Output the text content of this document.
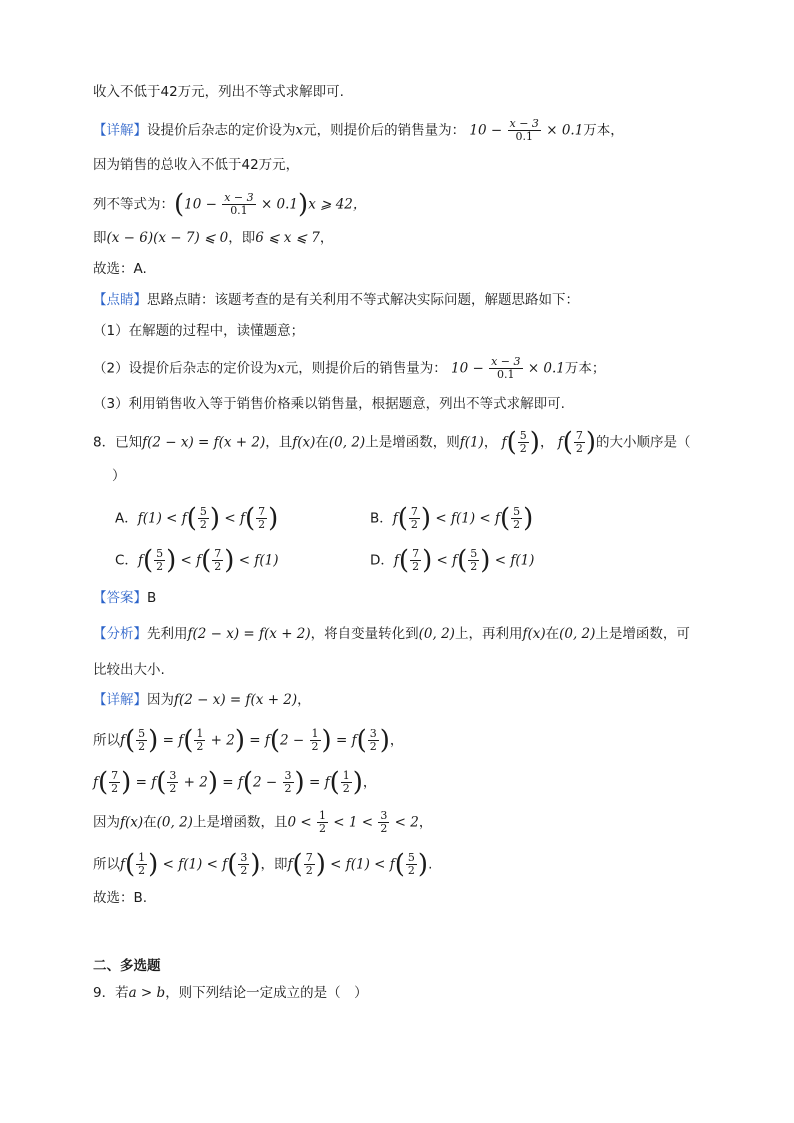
收入不低于42万元，列出不等式求解即可.
【详解】设提价后杂志的定价设为x元，则提价后的销售量为： $10 - \frac{x - 3}{0.1} \times 0.1$万本，
因为销售的总收入不低于42万元，
列不等式为：$(10 - \frac{x - 3}{0.1} \times 0.1)x$ ⩾ 42，
即(x − 6)(x − 7) ⩽ 0，即6 ⩽ x ⩽ 7，
故选：A.
【点睛】思路点睛：该题考查的是有关利用不等式解决实际问题，解题思路如下：
（1）在解题的过程中，读懂题意；
（2）设提价后杂志的定价设为x元，则提价后的销售量为： $10 - \frac{x - 3}{0.1} \times 0.1$万本；
（3）利用销售收入等于销售价格乘以销售量，根据题意，列出不等式求解即可.
8．已知f(2 − x) = f(x + 2)，且f(x)在(0, 2)上是增函数，则f(1)， $f( \frac{5}{2}$ )， $f( \frac{7}{2}$ )的大小顺序是（
）
A．$f(1) < f( \frac{5}{2}$ ) < $f( \frac{7}{2}$ )	B．$f( \frac{7}{2}$ ) < $f(1) < f( \frac{5}{2}$ )
C．$f( \frac{5}{2}$ ) < $f( \frac{7}{2}$ ) < f(1)	D．$f( \frac{7}{2}$ ) < $f( \frac{5}{2}$ ) < f(1)
【答案】B
【分析】先利用f(2 − x) = f(x + 2)，将自变量转化到(0, 2)上，再利用f(x)在(0, 2)上是增函数，可
比较出大小.
【详解】因为f(2 − x) = f(x + 2)，
所以$f( \frac{5}{2}$ ) = $f( \frac{1}{2} + 2) = f(2 - \frac{1}{2}$ ) = $f( \frac{3}{2}$ )，
$f( \frac{7}{2}$ ) = $f( \frac{3}{2} + 2) = f(2 - \frac{3}{2}$ ) = $f( \frac{1}{2}$ )，
因为f(x)在(0, 2)上是增函数，且$0 < \frac{1}{2} < 1 < \frac{3}{2} < 2$，
所以$f( \frac{1}{2}$ ) < $f(1) < f( \frac{3}{2}$ )，即$f( \frac{7}{2}$ ) < $f(1) < f( \frac{5}{2}$ ).
故选：B.
二、多选题
9．若a > b，则下列结论一定成立的是（　）
